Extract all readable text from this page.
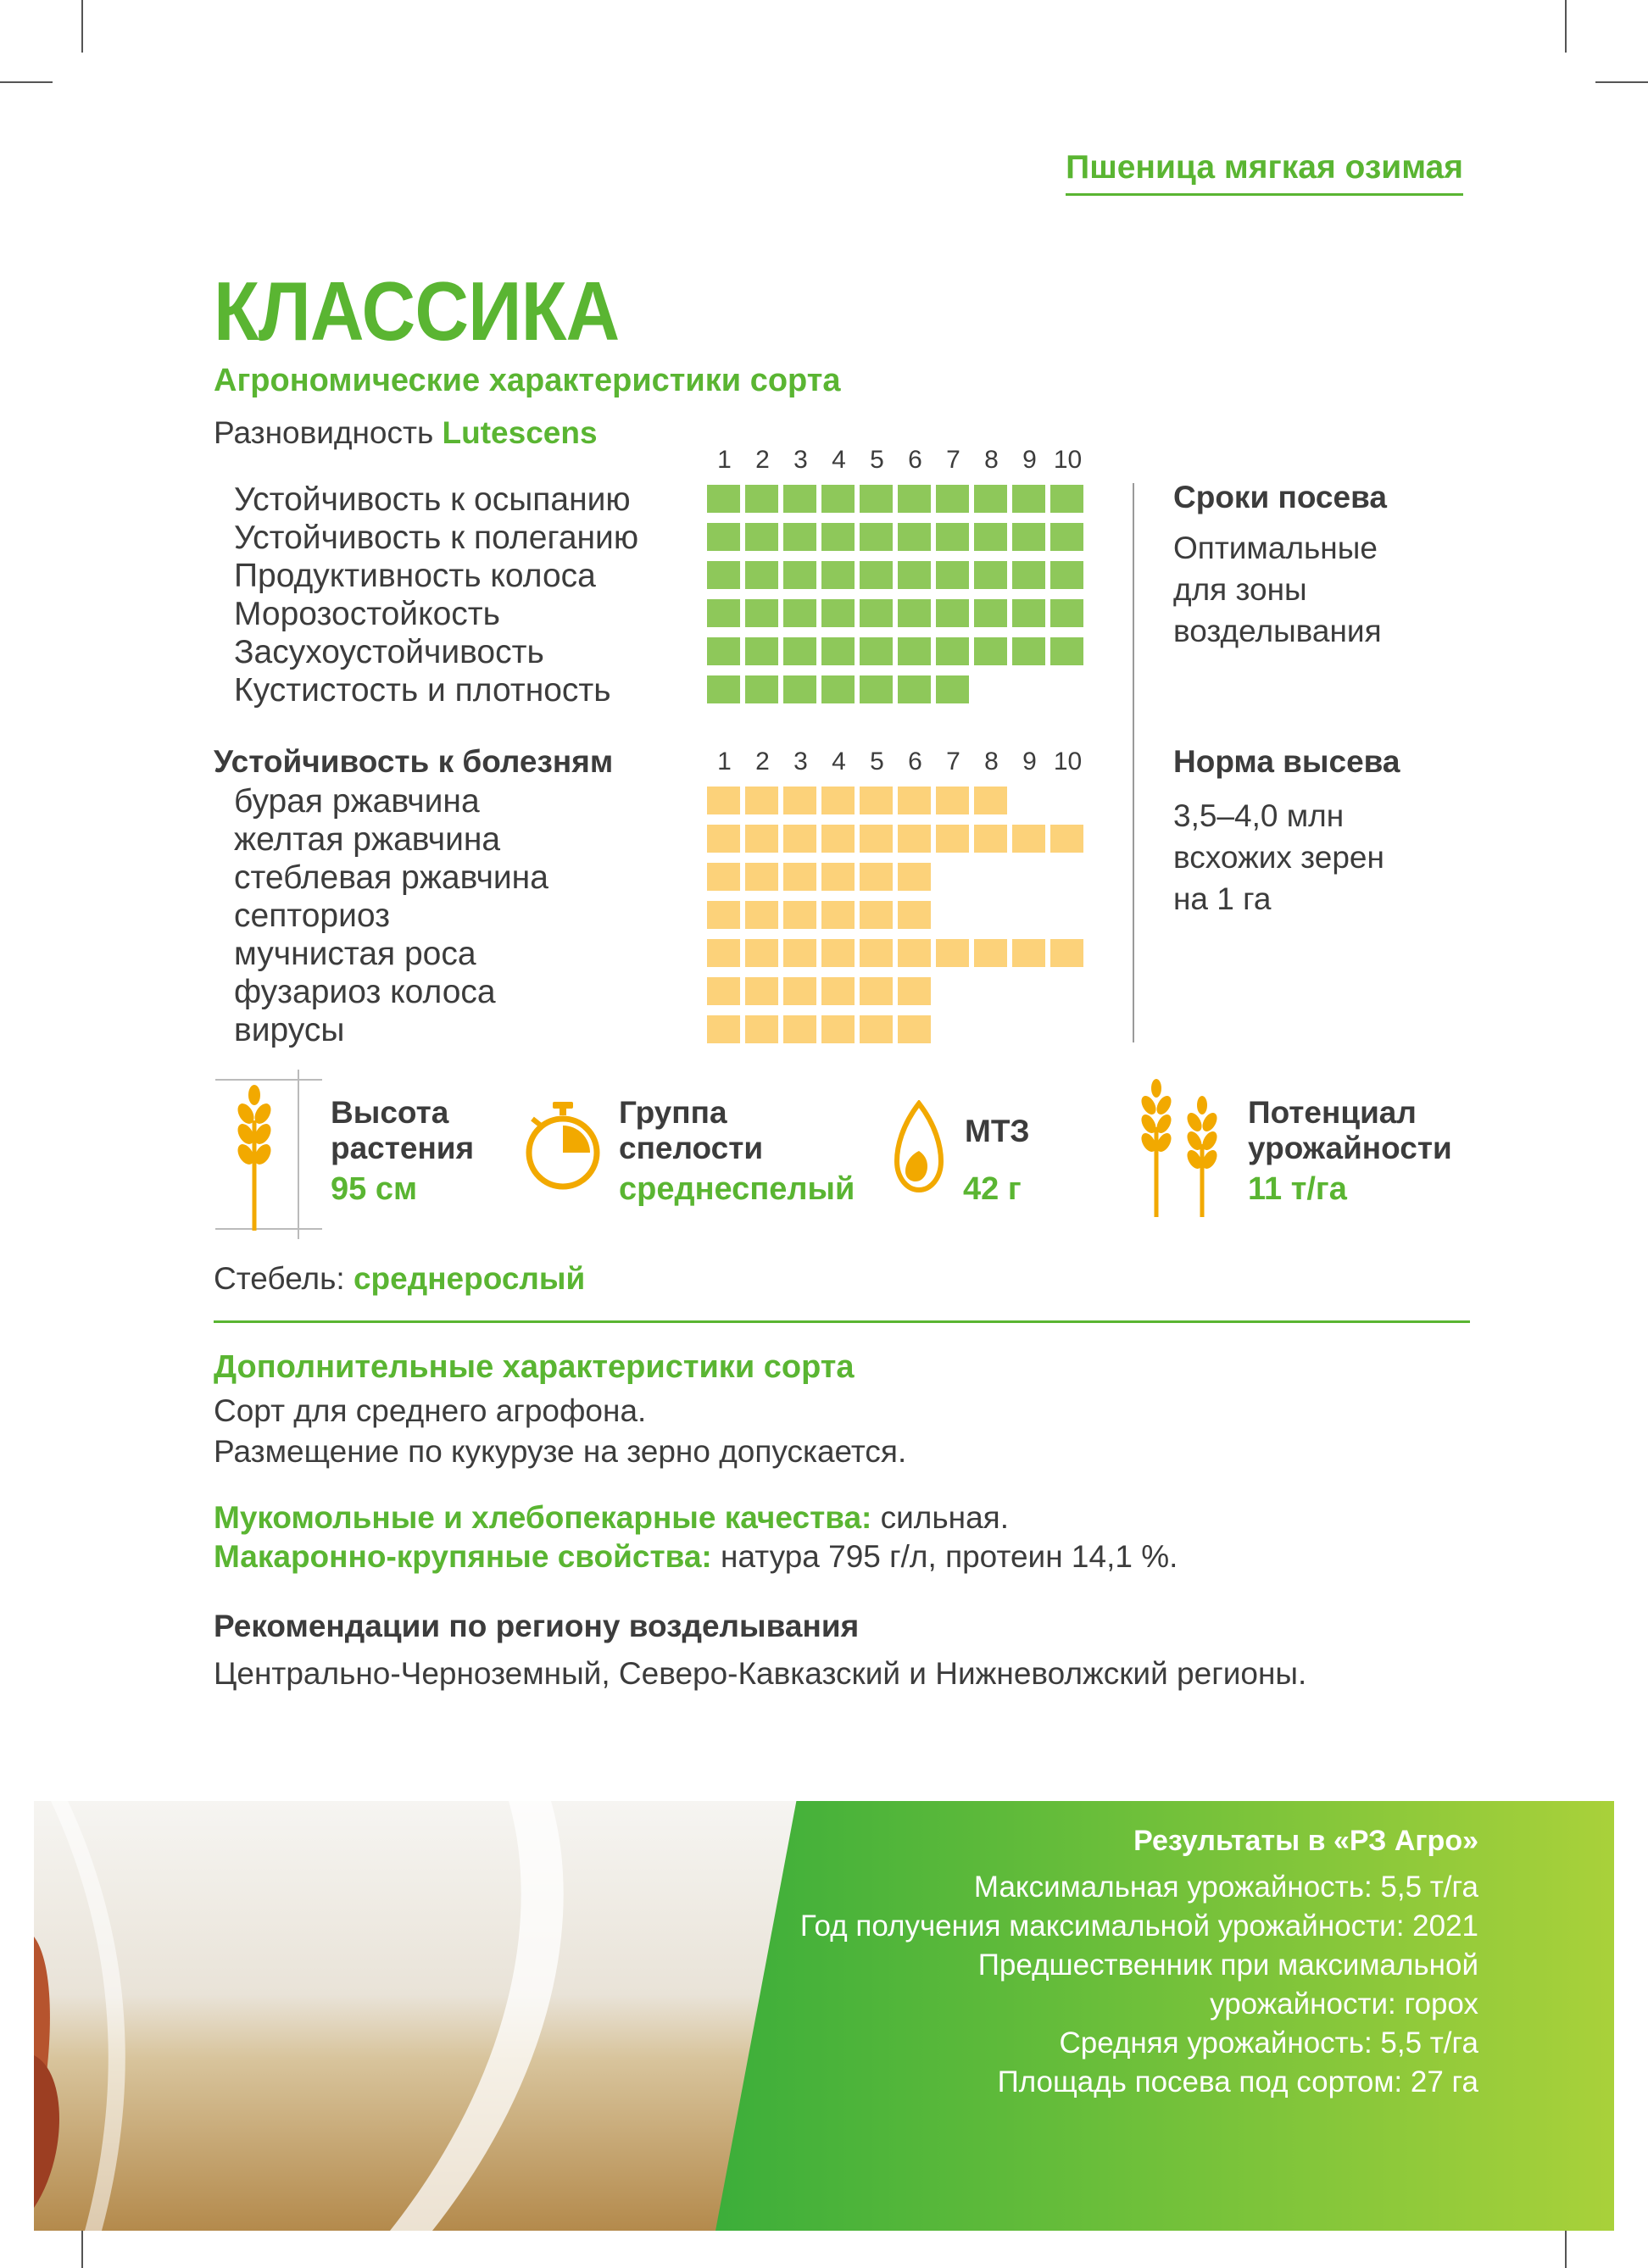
Пшеница мягкая озимая
КЛАССИКА
Агрономические характеристики сорта
Разновидность Lutescens
1 2 3 4 5 6 7 8 9 10
Устойчивость к осыпанию
Устойчивость к полеганию
Продуктивность колоса
Морозостойкость
Засухоустойчивость
Кустистость и плотность
Устойчивость к болезням	1 2 3 4 5 6 7 8 9 10
бурая ржавчина
желтая ржавчина
стеблевая ржавчина
септориоз
мучнистая роса
фузариоз колоса
вирусы
Сроки посева
Оптимальные
для зоны
возделывания
Норма высева
3,5–4,0 млн
всхожих зерен
на 1 га
Высота
растения
95 см
Группа
спелости
среднеспелый
МТЗ
42 г
Потенциал
урожайности
11 т/га
Стебель: среднерослый
Дополнительные характеристики сорта
Сорт для среднего агрофона.
Размещение по кукурузе на зерно допускается.
Мукомольные и хлебопекарные качества: сильная.
Макаронно-крупяные свойства: натура 795 г/л, протеин 14,1 %.
Рекомендации по региону возделывания
Центрально-Черноземный, Северо-Кавказский и Нижневолжский регионы.
Результаты в «РЗ Агро»
Максимальная урожайность: 5,5 т/га
Год получения максимальной урожайности: 2021
Предшественник при максимальной
урожайности: горох
Средняя урожайность: 5,5 т/га
Площадь посева под сортом: 27 га
